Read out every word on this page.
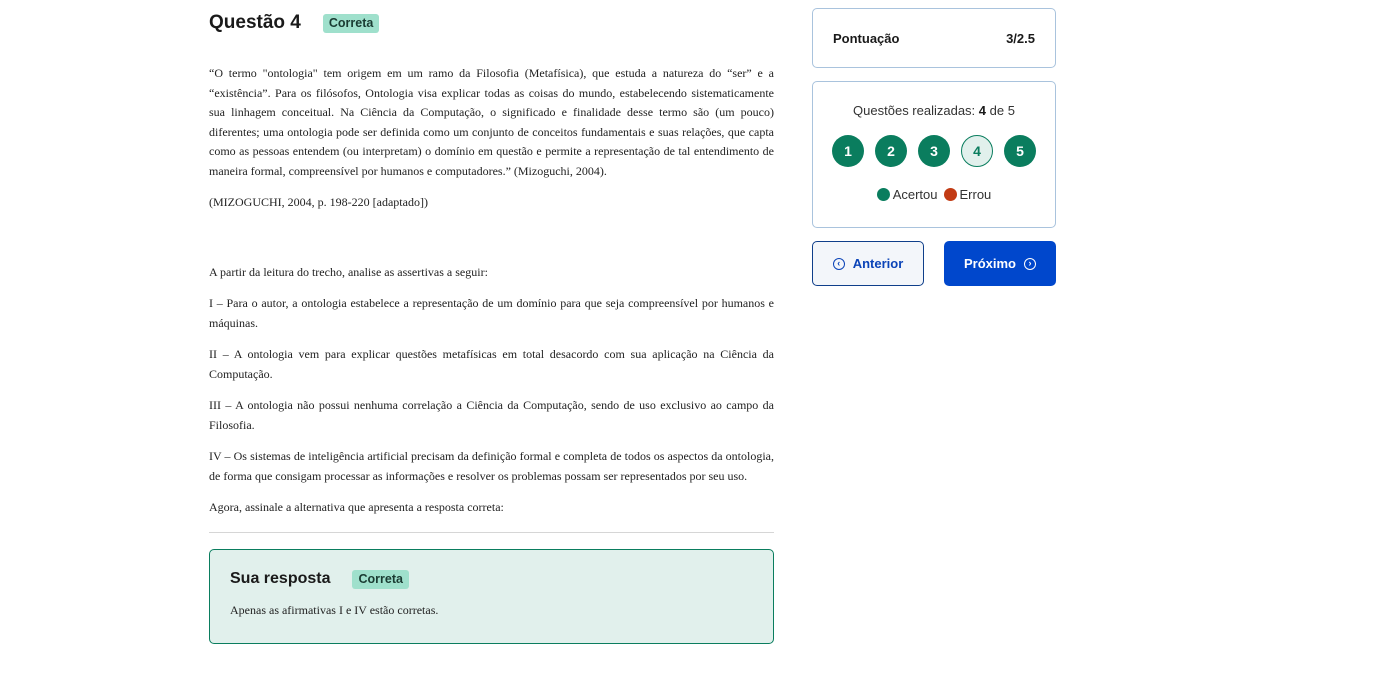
Questão 4	Correta

“O termo "ontologia" tem origem em um ramo da Filosofia (Metafísica), que estuda a natureza do “ser” e a “existência”. Para os filósofos, Ontologia visa explicar todas as coisas do mundo, estabelecendo sistematicamente sua linhagem conceitual. Na Ciência da Computação, o significado e finalidade desse termo são (um pouco) diferentes; uma ontologia pode ser definida como um conjunto de conceitos fundamentais e suas relações, que capta como as pessoas entendem (ou interpretam) o domínio em questão e permite a representação de tal entendimento de maneira formal, compreensível por humanos e computadores.” (Mizoguchi, 2004).

(MIZOGUCHI, 2004, p. 198-220 [adaptado])

A partir da leitura do trecho, analise as assertivas a seguir:

I – Para o autor, a ontologia estabelece a representação de um domínio para que seja compreensível por humanos e máquinas.

II – A ontologia vem para explicar questões metafísicas em total desacordo com sua aplicação na Ciência da Computação.

III – A ontologia não possui nenhuma correlação a Ciência da Computação, sendo de uso exclusivo ao campo da Filosofia.

IV – Os sistemas de inteligência artificial precisam da definição formal e completa de todos os aspectos da ontologia, de forma que consigam processar as informações e resolver os problemas possam ser representados por seu uso.

Agora, assinale a alternativa que apresenta a resposta correta:

Sua resposta	Correta
Apenas as afirmativas I e IV estão corretas.
Pontuação	3/2.5
Questões realizadas: 4 de 5
1	2	3	4	5
Acertou Errou
‹ Anterior	Próximo	›
